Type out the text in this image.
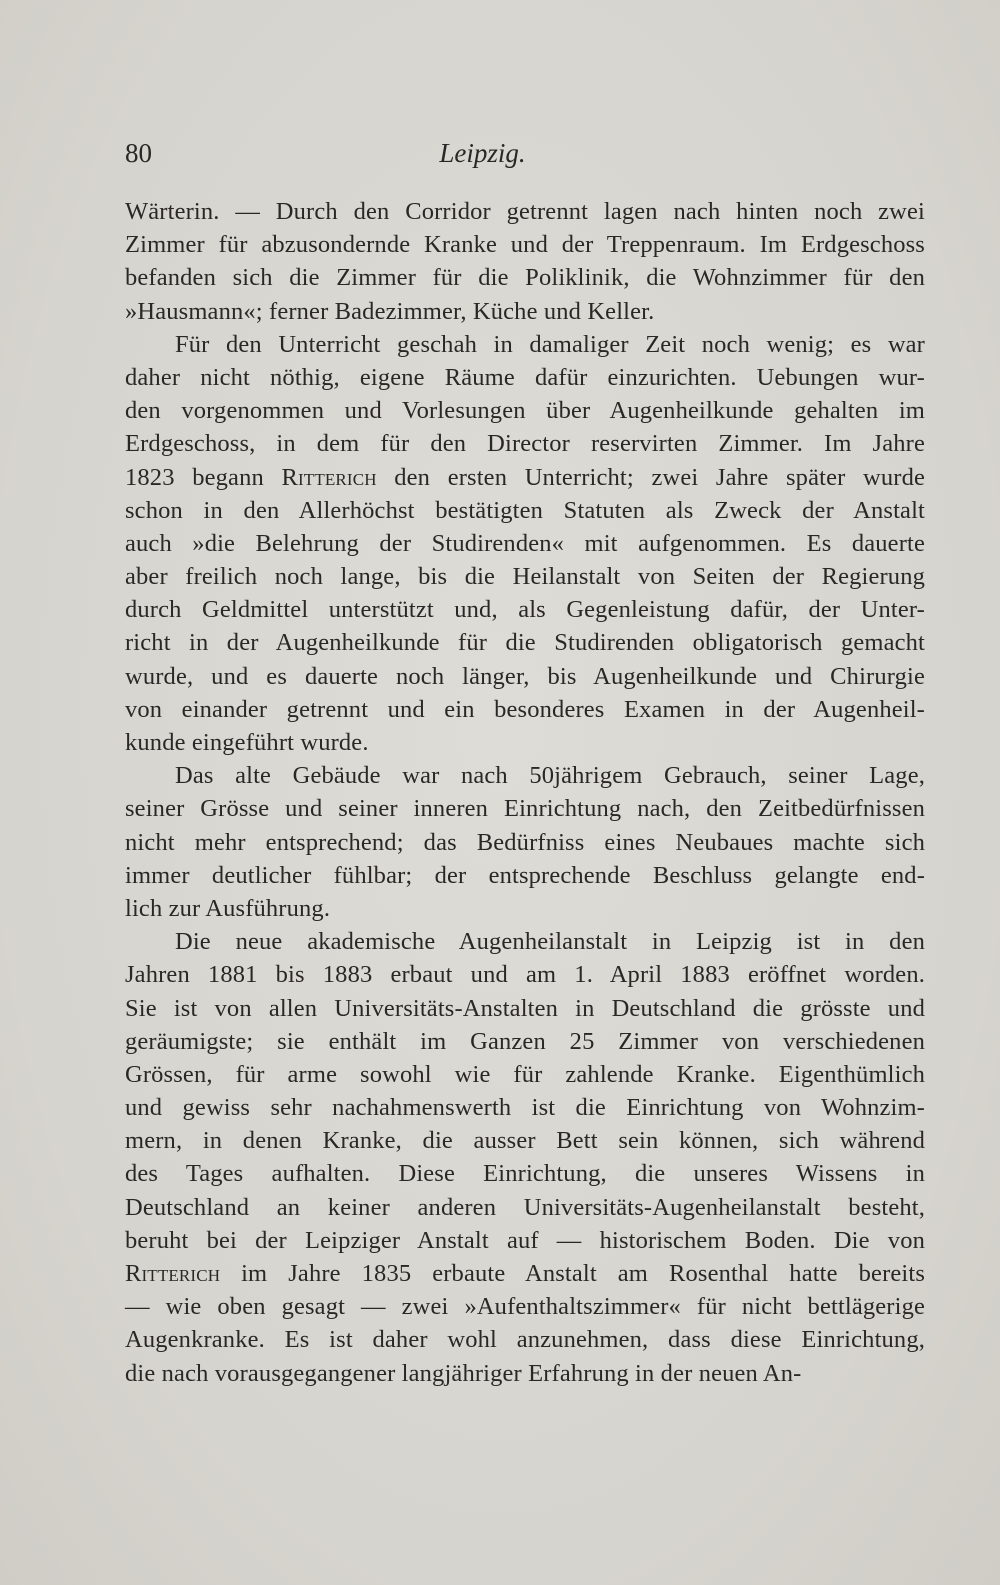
80	Leipzig.
Wärterin. — Durch den Corridor getrennt lagen nach hinten noch zwei
Zimmer für abzusondernde Kranke und der Treppenraum. Im Erdgeschoss
befanden sich die Zimmer für die Poliklinik, die Wohnzimmer für den
»Hausmann«; ferner Badezimmer, Küche und Keller.
Für den Unterricht geschah in damaliger Zeit noch wenig; es war
daher nicht nöthig, eigene Räume dafür einzurichten. Uebungen wur-
den vorgenommen und Vorlesungen über Augenheilkunde gehalten im
Erdgeschoss, in dem für den Director reservirten Zimmer. Im Jahre
1823 begann Ritterich den ersten Unterricht; zwei Jahre später wurde
schon in den Allerhöchst bestätigten Statuten als Zweck der Anstalt
auch »die Belehrung der Studirenden« mit aufgenommen. Es dauerte
aber freilich noch lange, bis die Heilanstalt von Seiten der Regierung
durch Geldmittel unterstützt und, als Gegenleistung dafür, der Unter-
richt in der Augenheilkunde für die Studirenden obligatorisch gemacht
wurde, und es dauerte noch länger, bis Augenheilkunde und Chirurgie
von einander getrennt und ein besonderes Examen in der Augenheil-
kunde eingeführt wurde.
Das alte Gebäude war nach 50jährigem Gebrauch, seiner Lage,
seiner Grösse und seiner inneren Einrichtung nach, den Zeitbedürfnissen
nicht mehr entsprechend; das Bedürfniss eines Neubaues machte sich
immer deutlicher fühlbar; der entsprechende Beschluss gelangte end-
lich zur Ausführung.
Die neue akademische Augenheilanstalt in Leipzig ist in den
Jahren 1881 bis 1883 erbaut und am 1. April 1883 eröffnet worden.
Sie ist von allen Universitäts-Anstalten in Deutschland die grösste und
geräumigste; sie enthält im Ganzen 25 Zimmer von verschiedenen
Grössen, für arme sowohl wie für zahlende Kranke. Eigenthümlich
und gewiss sehr nachahmenswerth ist die Einrichtung von Wohnzim-
mern, in denen Kranke, die ausser Bett sein können, sich während
des Tages aufhalten. Diese Einrichtung, die unseres Wissens in
Deutschland an keiner anderen Universitäts-Augenheilanstalt besteht,
beruht bei der Leipziger Anstalt auf — historischem Boden. Die von
Ritterich im Jahre 1835 erbaute Anstalt am Rosenthal hatte bereits
— wie oben gesagt — zwei »Aufenthaltszimmer« für nicht bettlägerige
Augenkranke. Es ist daher wohl anzunehmen, dass diese Einrichtung,
die nach vorausgegangener langjähriger Erfahrung in der neuen An-
